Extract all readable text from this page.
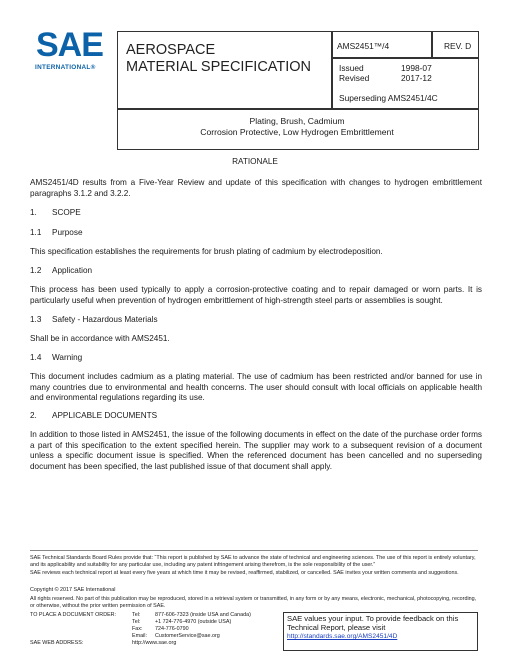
SAE
INTERNATIONAL®
AEROSPACE
MATERIAL SPECIFICATION
AMS2451™/4	REV. D
Issued	1998-07
Revised	2017-12
Superseding AMS2451/4C
Plating, Brush, Cadmium
Corrosion Protective, Low Hydrogen Embrittlement
RATIONALE
AMS2451/4D results from a Five-Year Review and update of this specification with changes to hydrogen embrittlement paragraphs 3.1.2 and 3.2.2.
1. SCOPE
1.1 Purpose
This specification establishes the requirements for brush plating of cadmium by electrodeposition.
1.2 Application
This process has been used typically to apply a corrosion-protective coating and to repair damaged or worn parts. It is particularly useful when prevention of hydrogen embrittlement of high-strength steel parts or assemblies is sought.
1.3 Safety - Hazardous Materials
Shall be in accordance with AMS2451.
1.4 Warning
This document includes cadmium as a plating material. The use of cadmium has been restricted and/or banned for use in many countries due to environmental and health concerns. The user should consult with local officials on applicable health and environmental regulations regarding its use.
2. APPLICABLE DOCUMENTS
In addition to those listed in AMS2451, the issue of the following documents in effect on the date of the purchase order forms a part of this specification to the extent specified herein. The supplier may work to a subsequent revision of a document unless a specific document issue is specified. When the referenced document has been cancelled and no superseding document has been specified, the last published issue of that document shall apply.
SAE Technical Standards Board Rules provide that: “This report is published by SAE to advance the state of technical and engineering sciences. The use of this report is entirely voluntary, and its applicability and suitability for any particular use, including any patent infringement arising therefrom, is the sole responsibility of the user.”
SAE reviews each technical report at least every five years at which time it may be revised, reaffirmed, stabilized, or cancelled. SAE invites your written comments and suggestions.
Copyright © 2017 SAE International
All rights reserved. No part of this publication may be reproduced, stored in a retrieval system or transmitted, in any form or by any means, electronic, mechanical, photocopying, recording, or otherwise, without the prior written permission of SAE.
TO PLACE A DOCUMENT ORDER:	Tel:	877-606-7323 (inside USA and Canada)
	Tel:	+1 724-776-4970 (outside USA)
	Fax:	724-776-0790
	Email:	CustomerService@sae.org
SAE WEB ADDRESS:	http://www.sae.org	
SAE values your input. To provide feedback on this
Technical Report, please visit
http://standards.sae.org/AMS2451/4D
